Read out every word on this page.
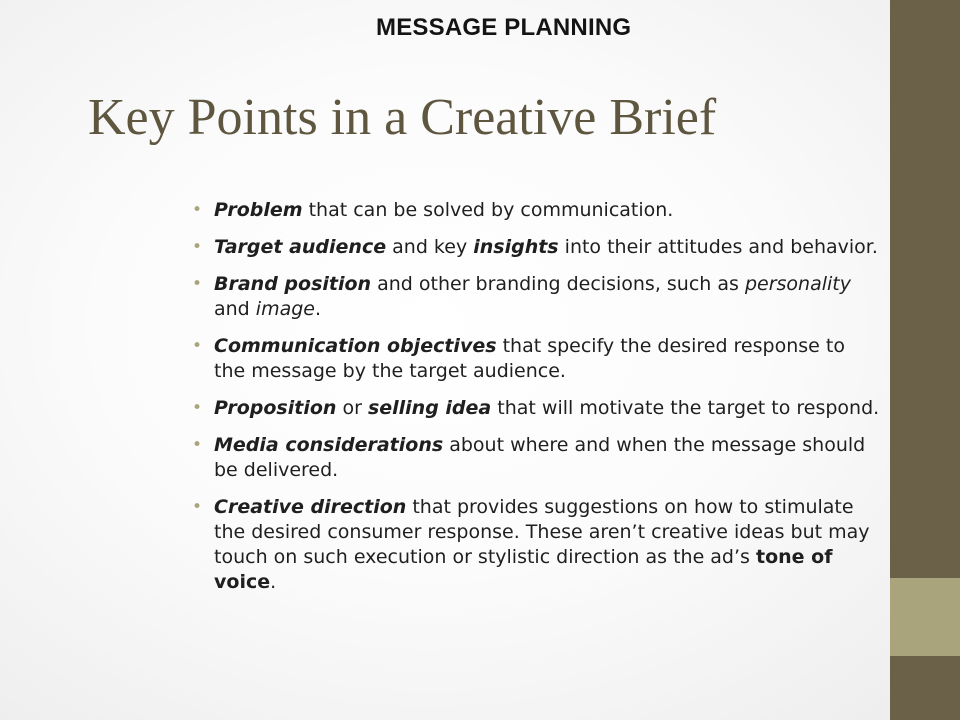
MESSAGE PLANNING
Key Points in a Creative Brief
• Problem that can be solved by communication.
• Target audience and key insights into their attitudes and behavior.
• Brand position and other branding decisions, such as personality and image.
• Communication objectives that specify the desired response to the message by the target audience.
• Proposition or selling idea that will motivate the target to respond.
• Media considerations about where and when the message should be delivered.
• Creative direction that provides suggestions on how to stimulate the desired consumer response. These aren’t creative ideas but may touch on such execution or stylistic direction as the ad’s tone of voice.
